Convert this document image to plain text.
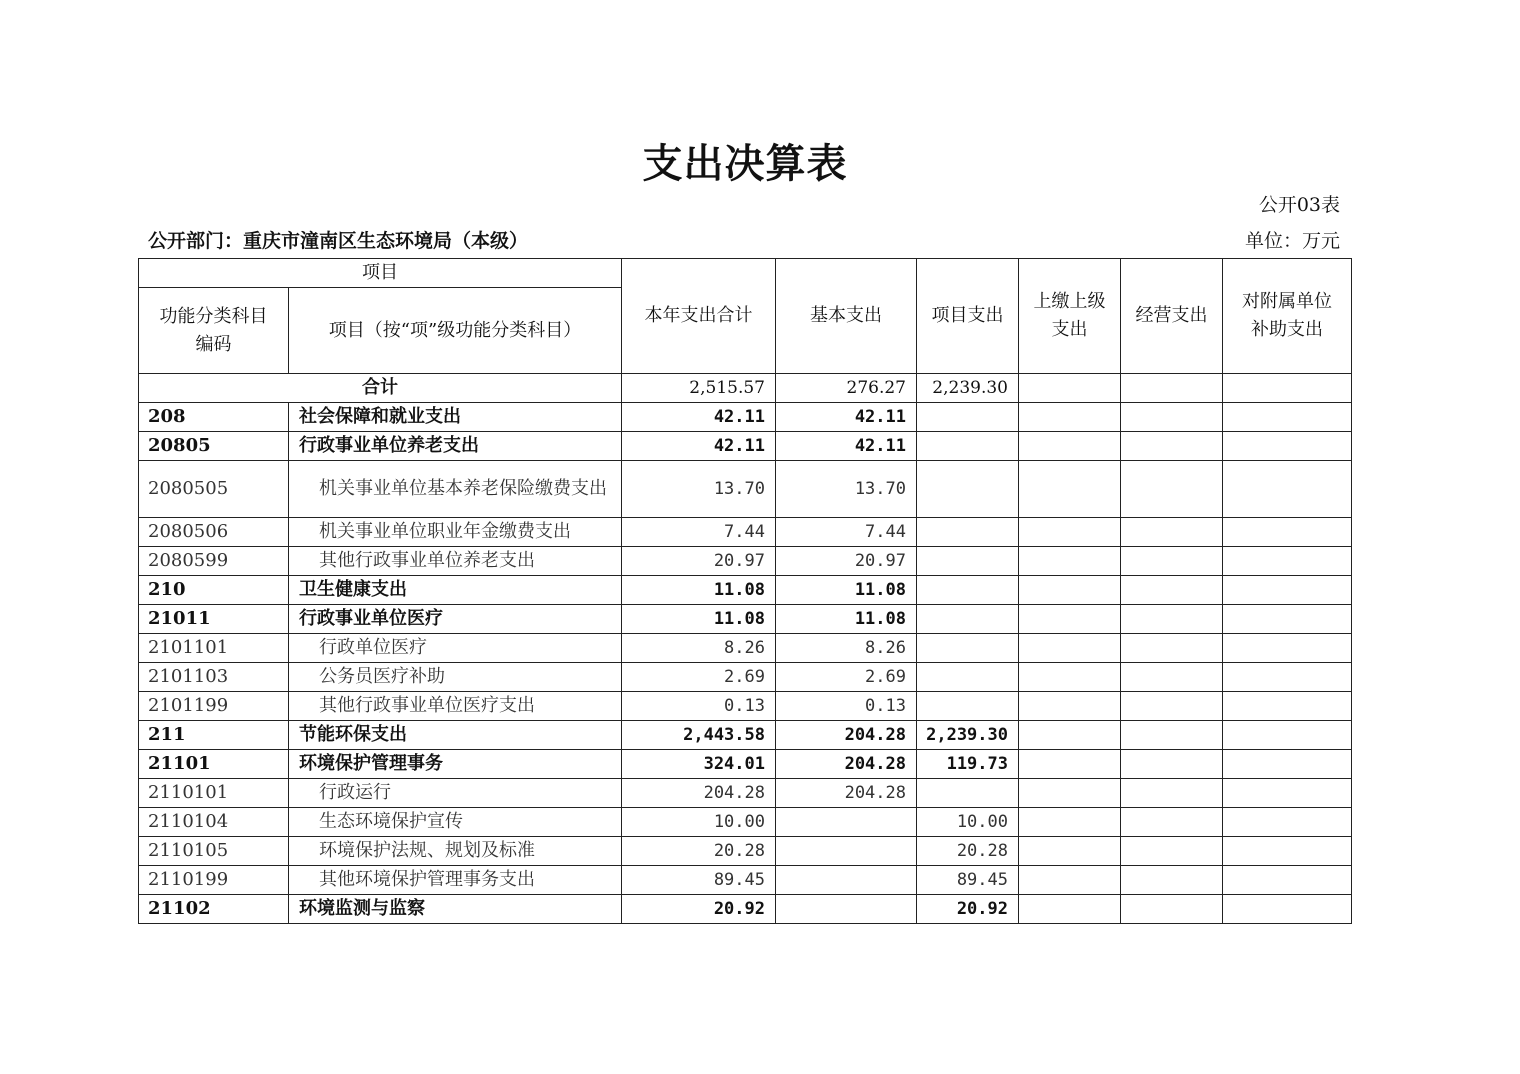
支出决算表
公开03表
公开部门：重庆市潼南区生态环境局（本级）	单位：万元
项目		本年支出合计	基本支出	项目支出	上缴上级支出	经营支出	对附属单位补助支出
功能分类科目编码	项目（按“项”级功能分类科目）						
合计		2,515.57	276.27	2,239.30			
208	社会保障和就业支出	42.11	42.11				
20805	行政事业单位养老支出	42.11	42.11				
2080505	机关事业单位基本养老保险缴费支出	13.70	13.70				
2080506	机关事业单位职业年金缴费支出	7.44	7.44				
2080599	其他行政事业单位养老支出	20.97	20.97				
210	卫生健康支出	11.08	11.08				
21011	行政事业单位医疗	11.08	11.08				
2101101	行政单位医疗	8.26	8.26				
2101103	公务员医疗补助	2.69	2.69				
2101199	其他行政事业单位医疗支出	0.13	0.13				
211	节能环保支出	2,443.58	204.28	2,239.30			
21101	环境保护管理事务	324.01	204.28	119.73			
2110101	行政运行	204.28	204.28				
2110104	生态环境保护宣传	10.00		10.00			
2110105	环境保护法规、规划及标准	20.28		20.28			
2110199	其他环境保护管理事务支出	89.45		89.45			
21102	环境监测与监察	20.92		20.92			
